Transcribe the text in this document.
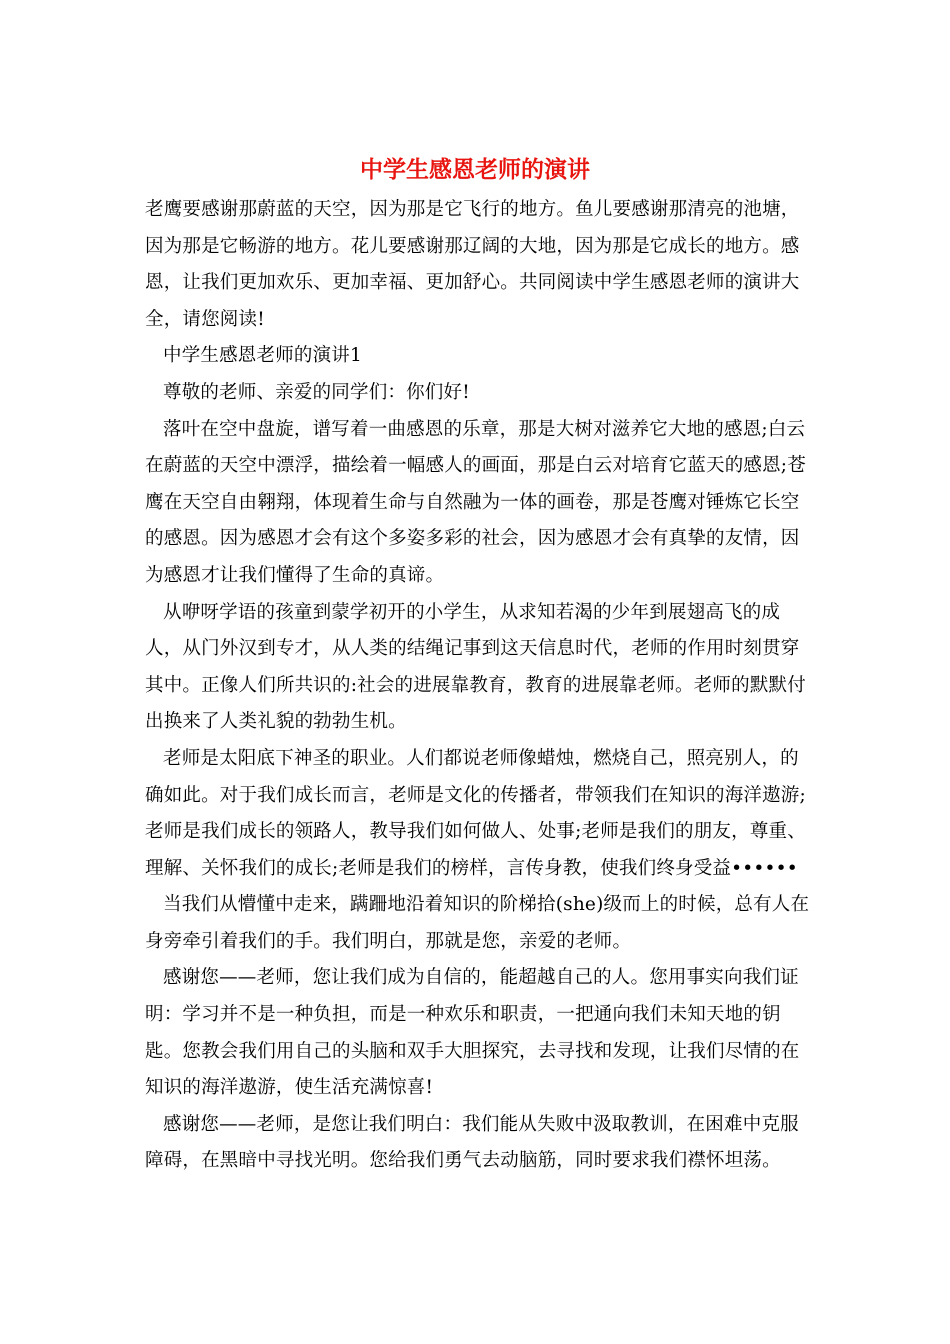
中学生感恩老师的演讲

老鹰要感谢那蔚蓝的天空，因为那是它飞行的地方。鱼儿要感谢那清亮的池塘，因为那是它畅游的地方。花儿要感谢那辽阔的大地，因为那是它成长的地方。感恩，让我们更加欢乐、更加幸福、更加舒心。共同阅读中学生感恩老师的演讲大全，请您阅读!

中学生感恩老师的演讲1

尊敬的老师、亲爱的同学们：你们好!

落叶在空中盘旋，谱写着一曲感恩的乐章，那是大树对滋养它大地的感恩;白云在蔚蓝的天空中漂浮，描绘着一幅感人的画面，那是白云对培育它蓝天的感恩;苍鹰在天空自由翱翔，体现着生命与自然融为一体的画卷，那是苍鹰对锤炼它长空的感恩。因为感恩才会有这个多姿多彩的社会，因为感恩才会有真挚的友情，因为感恩才让我们懂得了生命的真谛。

从咿呀学语的孩童到蒙学初开的小学生，从求知若渴的少年到展翅高飞的成人，从门外汉到专才，从人类的结绳记事到这天信息时代，老师的作用时刻贯穿其中。正像人们所共识的:社会的进展靠教育，教育的进展靠老师。老师的默默付出换来了人类礼貌的勃勃生机。

老师是太阳底下神圣的职业。人们都说老师像蜡烛，燃烧自己，照亮别人，的确如此。对于我们成长而言，老师是文化的传播者，带领我们在知识的海洋遨游;老师是我们成长的领路人，教导我们如何做人、处事;老师是我们的朋友，尊重、理解、关怀我们的成长;老师是我们的榜样，言传身教，使我们终身受益••••••

当我们从懵懂中走来，蹒跚地沿着知识的阶梯拾(she)级而上的时候，总有人在身旁牵引着我们的手。我们明白，那就是您，亲爱的老师。

感谢您——老师，您让我们成为自信的，能超越自己的人。您用事实向我们证明：学习并不是一种负担，而是一种欢乐和职责，一把通向我们未知天地的钥匙。您教会我们用自己的头脑和双手大胆探究，去寻找和发现，让我们尽情的在知识的海洋遨游，使生活充满惊喜!

感谢您——老师，是您让我们明白：我们能从失败中汲取教训，在困难中克服障碍，在黑暗中寻找光明。您给我们勇气去动脑筋，同时要求我们襟怀坦荡。
